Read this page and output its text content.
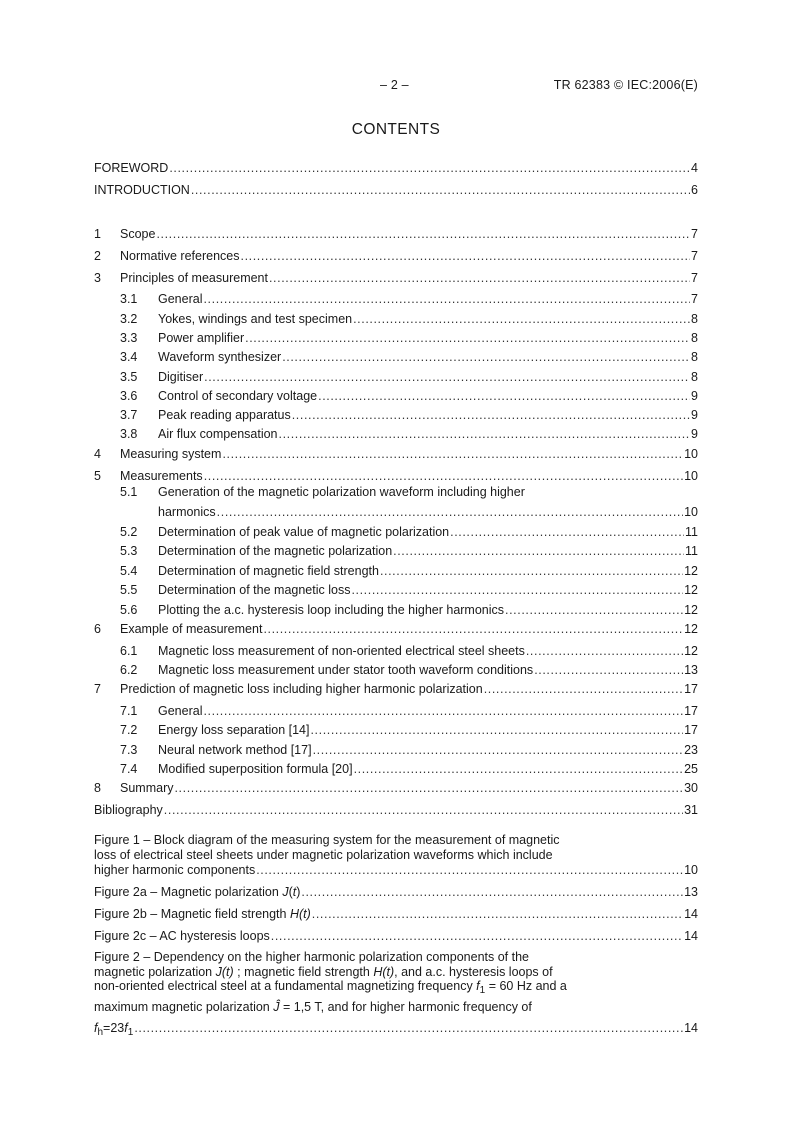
– 2 –	TR 62383 © IEC:2006(E)
CONTENTS
FOREWORD .....	4
INTRODUCTION .....	6
1	Scope .....	7
2	Normative references .....	7
3	Principles of measurement .....	7
3.1	General .....	7
3.2	Yokes, windings and test specimen .....	8
3.3	Power amplifier .....	8
3.4	Waveform synthesizer .....	8
3.5	Digitiser .....	8
3.6	Control of secondary voltage .....	9
3.7	Peak reading apparatus .....	9
3.8	Air flux compensation .....	9
4	Measuring system .....	10
5	Measurements .....	10
5.1	Generation of the magnetic polarization waveform including higher
harmonics .....	10
5.2	Determination of peak value of magnetic polarization .....	11
5.3	Determination of the magnetic polarization .....	11
5.4	Determination of magnetic field strength .....	12
5.5	Determination of the magnetic loss .....	12
5.6	Plotting the a.c. hysteresis loop including the higher harmonics .....	12
6	Example of measurement .....	12
6.1	Magnetic loss measurement of non-oriented electrical steel sheets .....	12
6.2	Magnetic loss measurement under stator tooth waveform conditions .....	13
7	Prediction of magnetic loss including higher harmonic polarization .....	17
7.1	General .....	17
7.2	Energy loss separation [14] .....	17
7.3	Neural network method [17] .....	23
7.4	Modified superposition formula [20] .....	25
8	Summary .....	30
Bibliography .....	31
Figure 1 – Block diagram of the measuring system for the measurement of magnetic
loss of electrical steel sheets under magnetic polarization waveforms which include
higher harmonic components .....	10
Figure 2a – Magnetic polarization J(t) .....	13
Figure 2b – Magnetic field strength H(t) .....	14
Figure 2c – AC hysteresis loops .....	14
Figure 2 – Dependency on the higher harmonic polarization components of the
magnetic polarization J(t) ; magnetic field strength H(t), and a.c. hysteresis loops of
non-oriented electrical steel at a fundamental magnetizing frequency $f_1 = 60$ Hz and a
maximum magnetic polarization Ĵ = 1,5 T, and for higher harmonic frequency of
$f_h=23f_1$ .....	14
